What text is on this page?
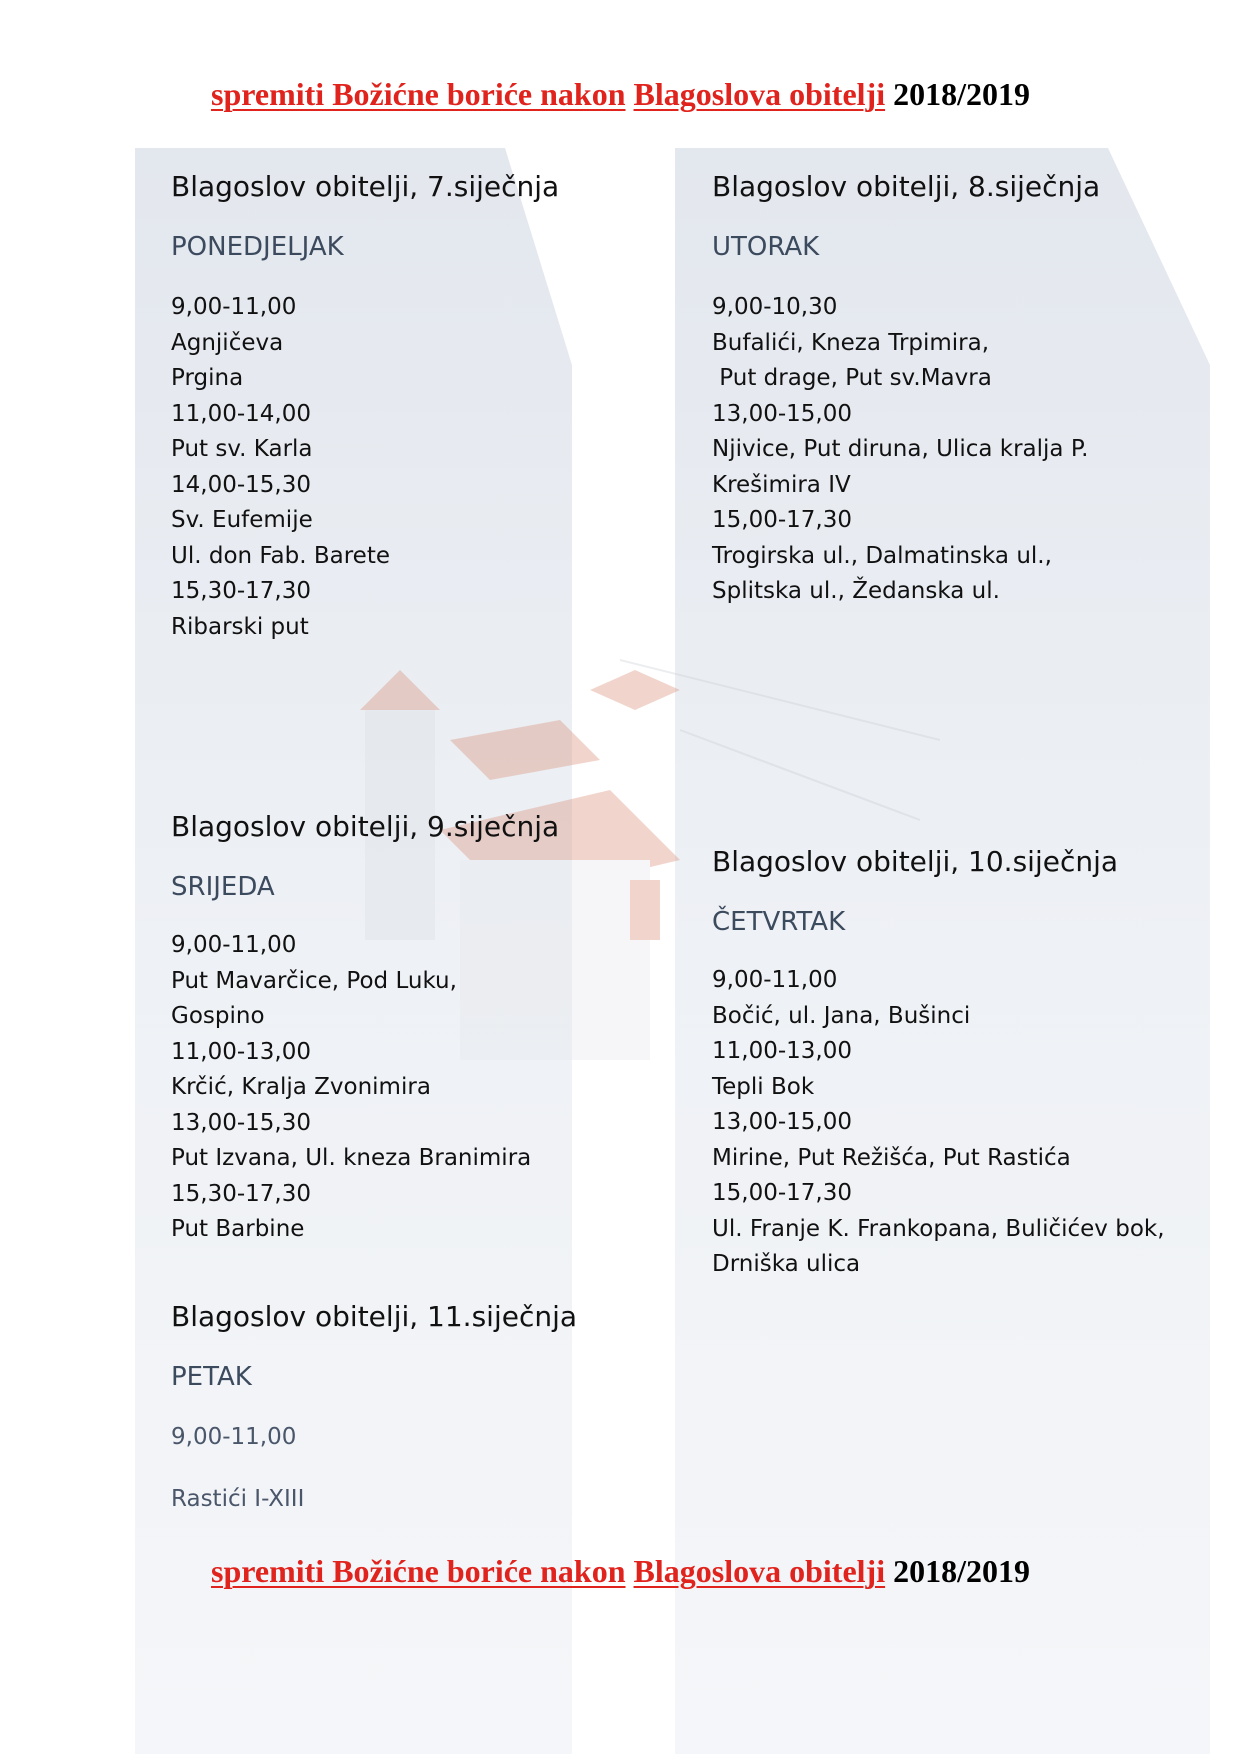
spremiti Božićne boriće nakon Blagoslova obitelji 2018/2019
Blagoslov obitelji, 7.siječnja
PONEDJELJAK
9,00-11,00
Agnjičeva
Prgina
11,00-14,00
Put sv. Karla
14,00-15,30
Sv. Eufemije
Ul. don Fab. Barete
15,30-17,30
Ribarski put
Blagoslov obitelji, 9.siječnja
SRIJEDA
9,00-11,00
Put Mavarčice, Pod Luku,
Gospino
11,00-13,00
Krčić, Kralja Zvonimira
13,00-15,30
Put Izvana, Ul. kneza Branimira
15,30-17,30
Put Barbine
Blagoslov obitelji, 11.siječnja
PETAK
9,00-11,00
Rastići I-XIII
Blagoslov obitelji, 8.siječnja
UTORAK
9,00-10,30
Bufalići, Kneza Trpimira,
Put drage, Put sv.Mavra
13,00-15,00
Njivice, Put diruna, Ulica kralja P.
Krešimira IV
15,00-17,30
Trogirska ul., Dalmatinska ul.,
Splitska ul., Žedanska ul.
Blagoslov obitelji, 10.siječnja
ČETVRTAK
9,00-11,00
Bočić, ul. Jana, Bušinci
11,00-13,00
Tepli Bok
13,00-15,00
Mirine, Put Režišća, Put Rastića
15,00-17,30
Ul. Franje K. Frankopana, Buličićev bok,
Drniška ulica
spremiti Božićne boriće nakon Blagoslova obitelji 2018/2019
